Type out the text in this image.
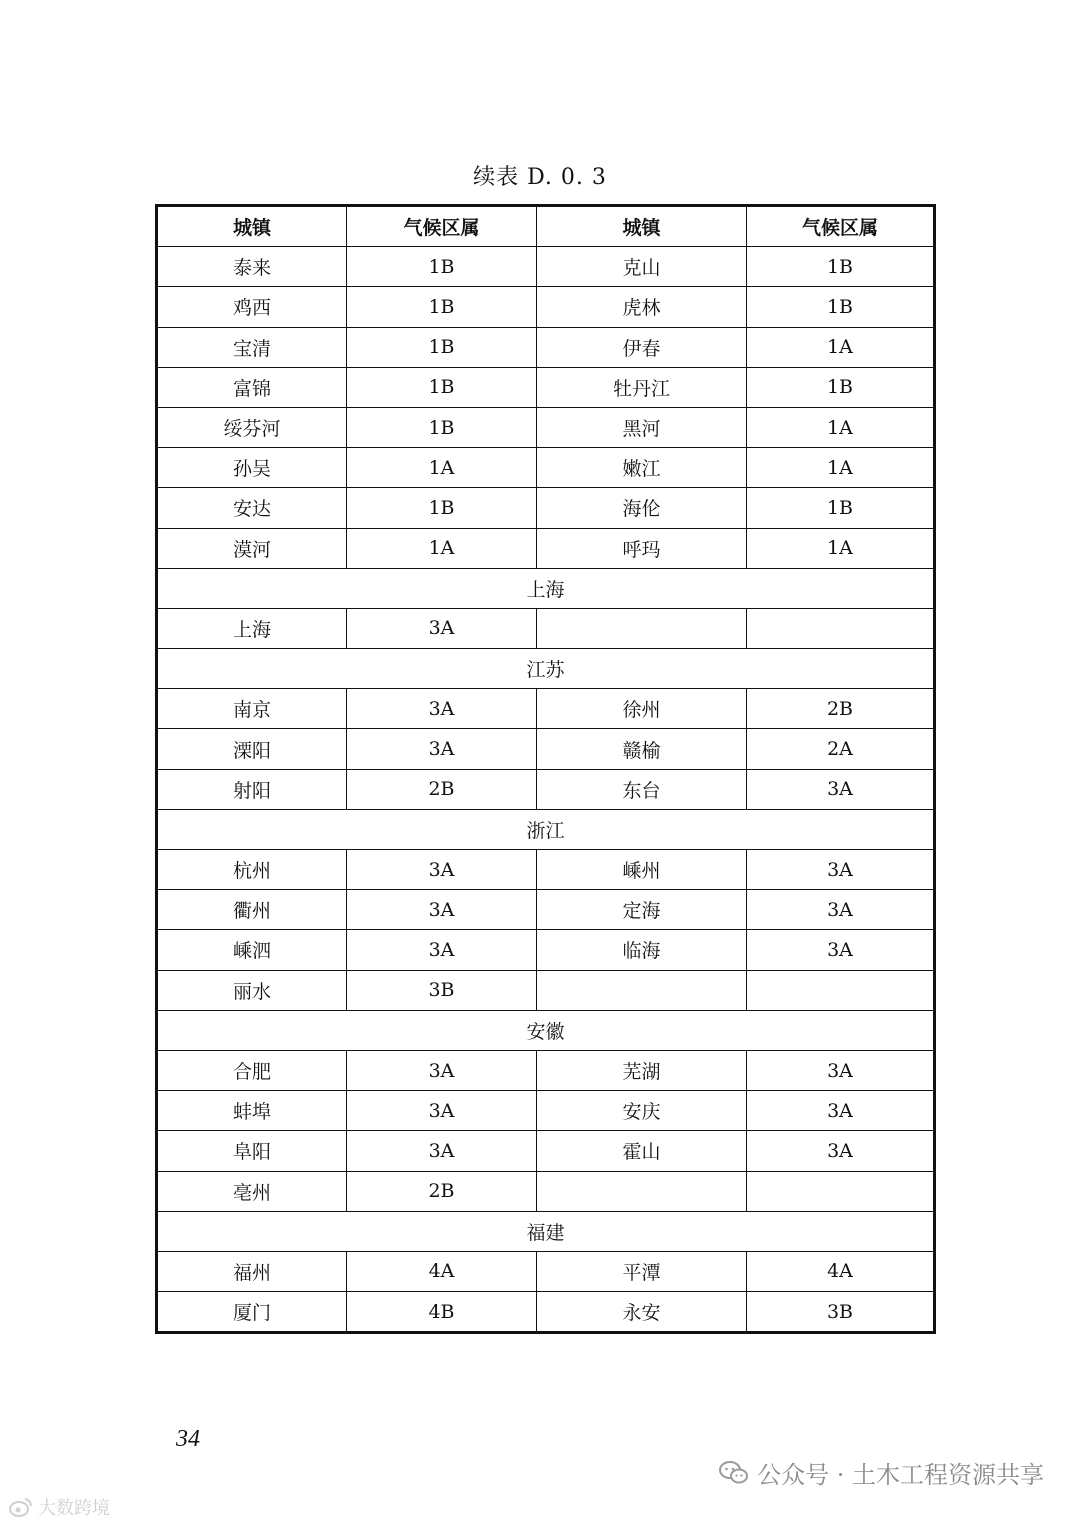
续表 D. 0. 3
城镇	气候区属	城镇	气候区属
泰来	1B	克山	1B
鸡西	1B	虎林	1B
宝清	1B	伊春	1A
富锦	1B	牡丹江	1B
绥芬河	1B	黑河	1A
孙吴	1A	嫩江	1A
安达	1B	海伦	1B
漠河	1A	呼玛	1A
上海			
上海	3A		
江苏			
南京	3A	徐州	2B
溧阳	3A	赣榆	2A
射阳	2B	东台	3A
浙江			
杭州	3A	嵊州	3A
衢州	3A	定海	3A
嵊泗	3A	临海	3A
丽水	3B		
安徽			
合肥	3A	芜湖	3A
蚌埠	3A	安庆	3A
阜阳	3A	霍山	3A
亳州	2B		
福建			
福州	4A	平潭	4A
厦门	4B	永安	3B
34
大数跨境
公众号 · 土木工程资源共享
